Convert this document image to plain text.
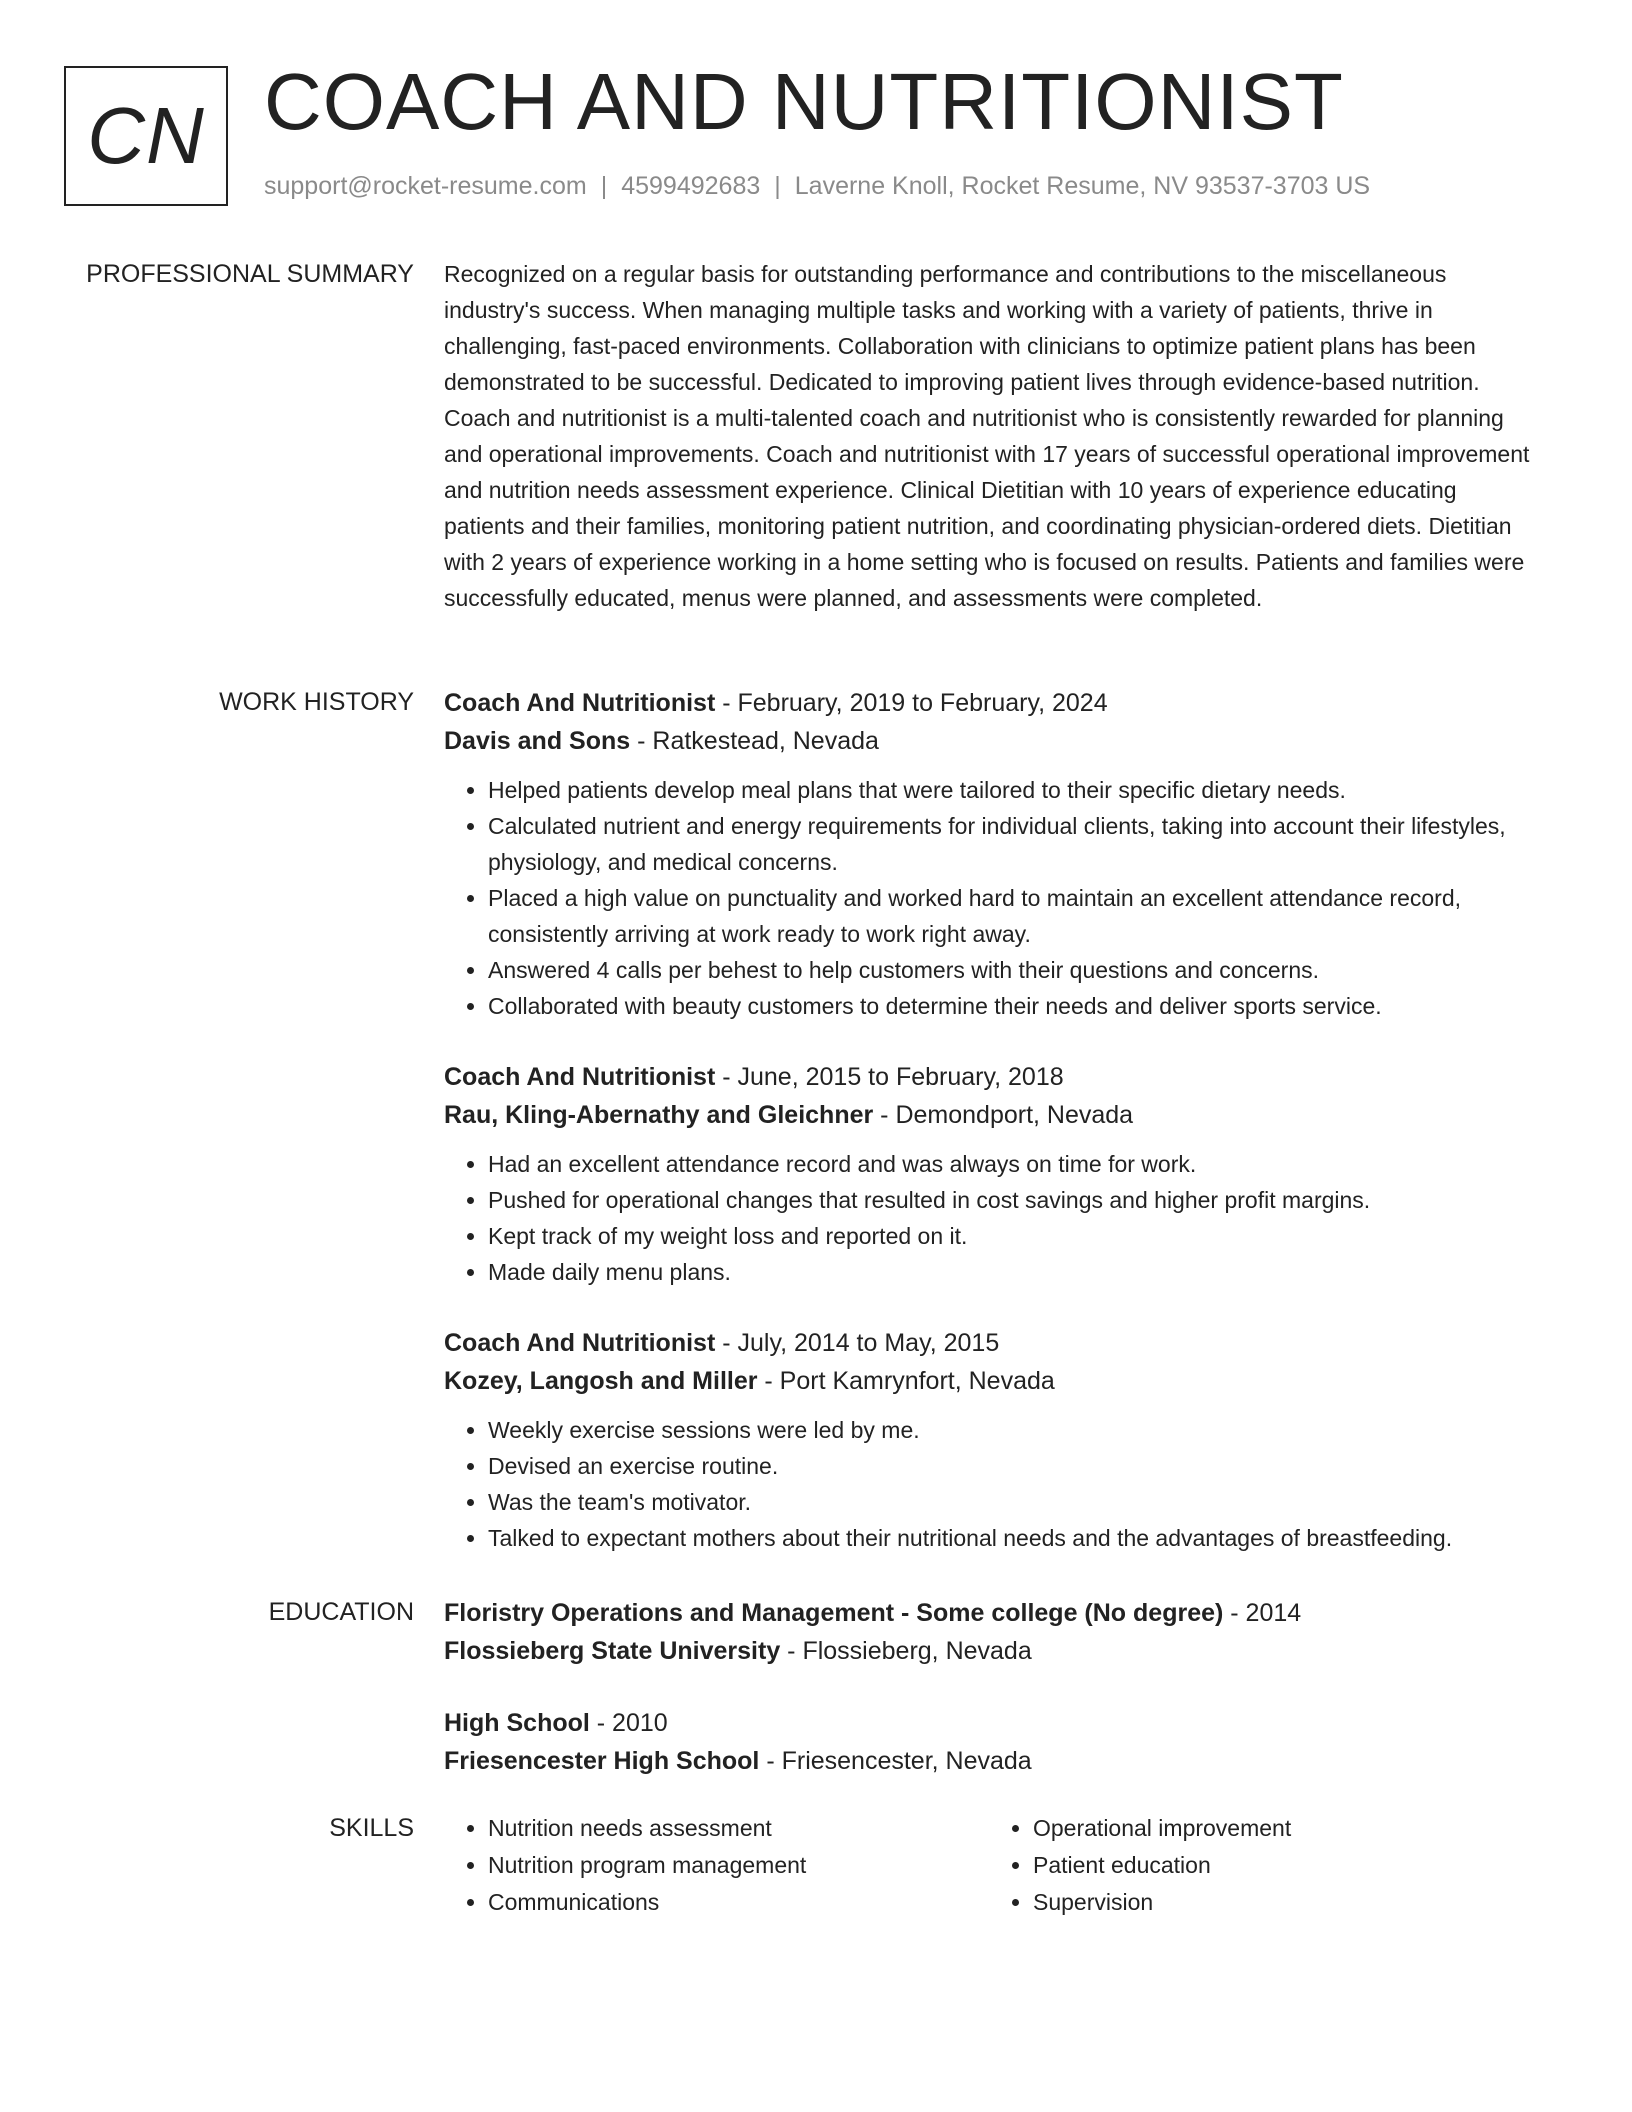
CN COACH AND NUTRITIONIST
support@rocket-resume.com | 4599492683 | Laverne Knoll, Rocket Resume, NV 93537-3703 US
PROFESSIONAL SUMMARY Recognized on a regular basis for outstanding performance and contributions to the miscellaneous industry's success. When managing multiple tasks and working with a variety of patients, thrive in challenging, fast-paced environments. Collaboration with clinicians to optimize patient plans has been demonstrated to be successful. Dedicated to improving patient lives through evidence-based nutrition. Coach and nutritionist is a multi-talented coach and nutritionist who is consistently rewarded for planning and operational improvements. Coach and nutritionist with 17 years of successful operational improvement and nutrition needs assessment experience. Clinical Dietitian with 10 years of experience educating patients and their families, monitoring patient nutrition, and coordinating physician-ordered diets. Dietitian with 2 years of experience working in a home setting who is focused on results. Patients and families were successfully educated, menus were planned, and assessments were completed.

WORK HISTORY Coach And Nutritionist - February, 2019 to February, 2024

Davis and Sons - Ratkestead, Nevada

• Helped patients develop meal plans that were tailored to their specific dietary needs.
• Calculated nutrient and energy requirements for individual clients, taking into account their lifestyles, physiology, and medical concerns.
• Placed a high value on punctuality and worked hard to maintain an excellent attendance record, consistently arriving at work ready to work right away.
• Answered 4 calls per behest to help customers with their questions and concerns.
• Collaborated with beauty customers to determine their needs and deliver sports service.

Coach And Nutritionist - June, 2015 to February, 2018

Rau, Kling-Abernathy and Gleichner - Demondport, Nevada

• Had an excellent attendance record and was always on time for work.
• Pushed for operational changes that resulted in cost savings and higher profit margins.
• Kept track of my weight loss and reported on it.
• Made daily menu plans.

Coach And Nutritionist - July, 2014 to May, 2015

Kozey, Langosh and Miller - Port Kamrynfort, Nevada

• Weekly exercise sessions were led by me.
• Devised an exercise routine.
• Was the team's motivator.
• Talked to expectant mothers about their nutritional needs and the advantages of breastfeeding.
EDUCATION Floristry Operations and Management - Some college (No degree) - 2014

Flossieberg State University - Flossieberg, Nevada

High School - 2010

Friesencester High School - Friesencester, Nevada

SKILLS
•	Nutrition needs assessment
• Nutrition program management
• Communications
• Operational improvement
• Patient education
• Supervision
